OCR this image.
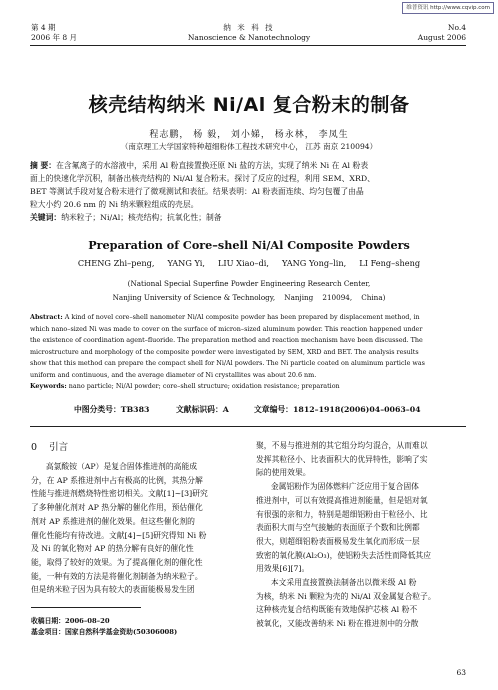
维普资讯 http://www.cqvip.com
第 4 期
2006 年 8 月
纳 米 科 技
Nanoscience & Nanotechnology
No.4
August 2006
核壳结构纳米 Ni/Al 复合粉末的制备
程志鹏， 杨 毅， 刘小娣， 杨永林， 李凤生
（南京理工大学国家特种超细粉体工程技术研究中心， 江苏 南京 210094）
摘 要：在含氟离子的水溶液中，采用 Al 粉直接置换还原 Ni 盐的方法，实现了纳米 Ni 在 Al 粉表
面上的快速化学沉积，制备出核壳结构的 Ni/Al 复合粉末。探讨了反应的过程，利用 SEM、XRD、
BET 等测试手段对复合粉末进行了微观测试和表征。结果表明：Al 粉表面连续、均匀包覆了由晶
粒大小约 20.6 nm 的 Ni 纳米颗粒组成的壳层。
关键词：纳米粒子；Ni/Al；核壳结构；抗氧化性；制备
Preparation of Core–shell Ni/Al Composite Powders
CHENG Zhi–peng,     YANG Yi,     LIU Xiao–di,     YANG Yong–lin,     LI Feng–sheng
(National Special Superfine Powder Engineering Research Center,
Nanjing University of Science & Technology,    Nanjing    210094,    China)
Abstract: A kind of novel core–shell nanometer Ni/Al composite powder has been prepared by displacement method, in
which nano–sized Ni was made to cover on the surface of micron–sized aluminum powder. This reaction happened under
the existence of coordination agent–fluoride. The preparation method and reaction mechanism have been discussed. The
microstructure and morphology of the composite powder were investigated by SEM, XRD and BET. The analysis results
show that this method can prepare the compact shell for Ni/Al powders. The Ni particle coated on aluminum particle was
uniform and continuous, and the average diameter of Ni crystallites was about 20.6 nm.
Keywords: nano particle; Ni/Al powder; core–shell structure; oxidation resistance; preparation
中图分类号：TB383	文献标识码：A	文章编号：1812–1918(2006)04–0063–04
0    引言
高氯酸铵（AP）是复合固体推进剂的高能成
分，在 AP 系推进剂中占有极高的比例，其热分解
性能与推进剂燃烧特性密切相关。文献[1]~[3]研究
了多种催化剂对 AP 热分解的催化作用，预估催化
剂对 AP 系推进剂的催化效果。但这些催化剂的
催化性能均有待改进。文献[4]~[5]研究得知 Ni 粉
及 Ni 的氧化物对 AP 的热分解有良好的催化性
能，取得了较好的效果。为了提高催化剂的催化性
能，一种有效的方法是将催化剂制备为纳米粒子。
但是纳米粒子因为具有较大的表面能极易发生团
收稿日期：2006–08–20
基金项目：国家自然科学基金资助(50306008)
聚，不易与推进剂的其它组分均匀混合，从而难以
发挥其粒径小、比表面积大的优异特性，影响了实
际的使用效果。
金属铝粉作为固体燃料广泛应用于复合固体
推进剂中，可以有效提高推进剂能量，但是铝对氧
有很强的亲和力，特别是超细铝粉由于粒径小、比
表面积大而与空气接触的表面原子个数和比例都
很大，则超细铝粉表面极易发生氧化而形成一层
致密的氧化膜(Al₂O₃)，使铝粉失去活性而降低其应
用效果[6][7]。
本文采用直接置换法制备出以微米级 Al 粉
为核，纳米 Ni 颗粒为壳的 Ni/Al 双金属复合粒子。
这种核壳复合结构既能有效地保护芯核 Al 粉不
被氧化，又能改善纳米 Ni 粉在推进剂中的分散
63
